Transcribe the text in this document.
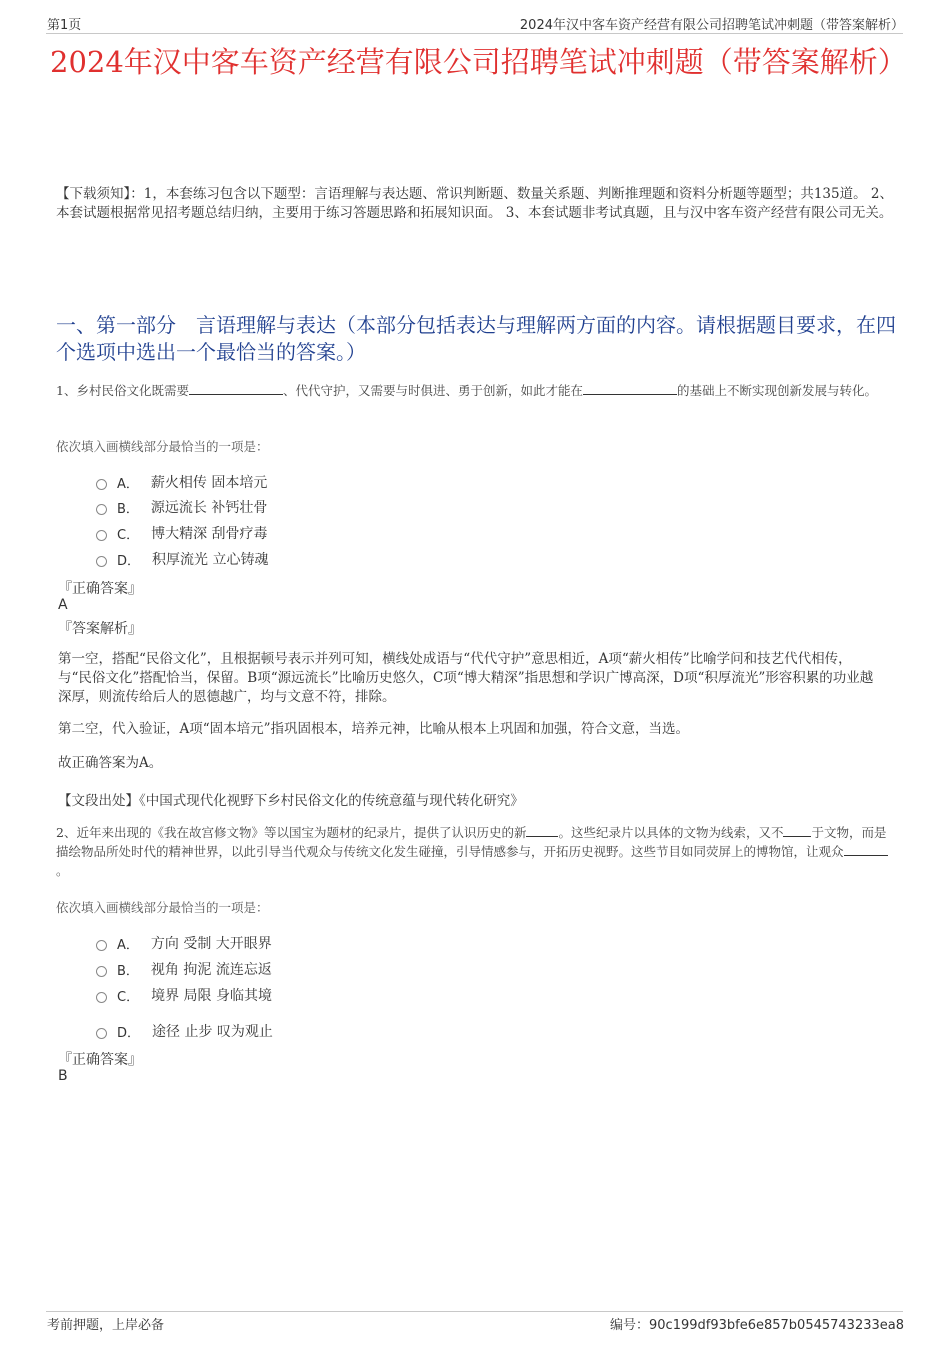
第1页	2024年汉中客车资产经营有限公司招聘笔试冲刺题（带答案解析）
2024年汉中客车资产经营有限公司招聘笔试冲刺题（带答案解析）
【下载须知】：1，本套练习包含以下题型：言语理解与表达题、常识判断题、数量关系题、判断推理题和资料分析题等题型；共135道。 2、本套试题根据常见招考题总结归纳，主要用于练习答题思路和拓展知识面。 3、本套试题非考试真题，且与汉中客车资产经营有限公司无关。
一、第一部分　言语理解与表达（本部分包括表达与理解两方面的内容。请根据题目要求，在四个选项中选出一个最恰当的答案。）
1、乡村民俗文化既需要	、代代守护，又需要与时俱进、勇于创新，如此才能在	的基础上不断实现创新发展与转化。
依次填入画横线部分最恰当的一项是：
A． 薪火相传 固本培元
B． 源远流长 补钙壮骨
C． 博大精深 刮骨疗毒
D． 积厚流光 立心铸魂
『正确答案』
A
『答案解析』
第一空，搭配“民俗文化”，且根据顿号表示并列可知，横线处成语与“代代守护”意思相近，A项“薪火相传”比喻学问和技艺代代相传，与“民俗文化”搭配恰当，保留。B项“源远流长”比喻历史悠久，C项“博大精深”指思想和学识广博高深，D项“积厚流光”形容积累的功业越深厚，则流传给后人的恩德越广，均与文意不符，排除。
第二空，代入验证，A项“固本培元”指巩固根本，培养元神，比喻从根本上巩固和加强，符合文意，当选。
故正确答案为A。
【文段出处】《中国式现代化视野下乡村民俗文化的传统意蕴与现代转化研究》
2、近年来出现的《我在故宫修文物》等以国宝为题材的纪录片，提供了认识历史的新	。这些纪录片以具体的文物为线索，又不 于文物，而是描绘物品所处时代的精神世界，以此引导当代观众与传统文化发生碰撞，引导情感参与，开拓历史视野。这些节目如同荧屏上的博物馆，让观众。
依次填入画横线部分最恰当的一项是：
A． 方向 受制 大开眼界
B． 视角 拘泥 流连忘返
C． 境界 局限 身临其境
D． 途径 止步 叹为观止
『正确答案』
B
考前押题，上岸必备	编号：90c199df93bfe6e857b0545743233ea8
